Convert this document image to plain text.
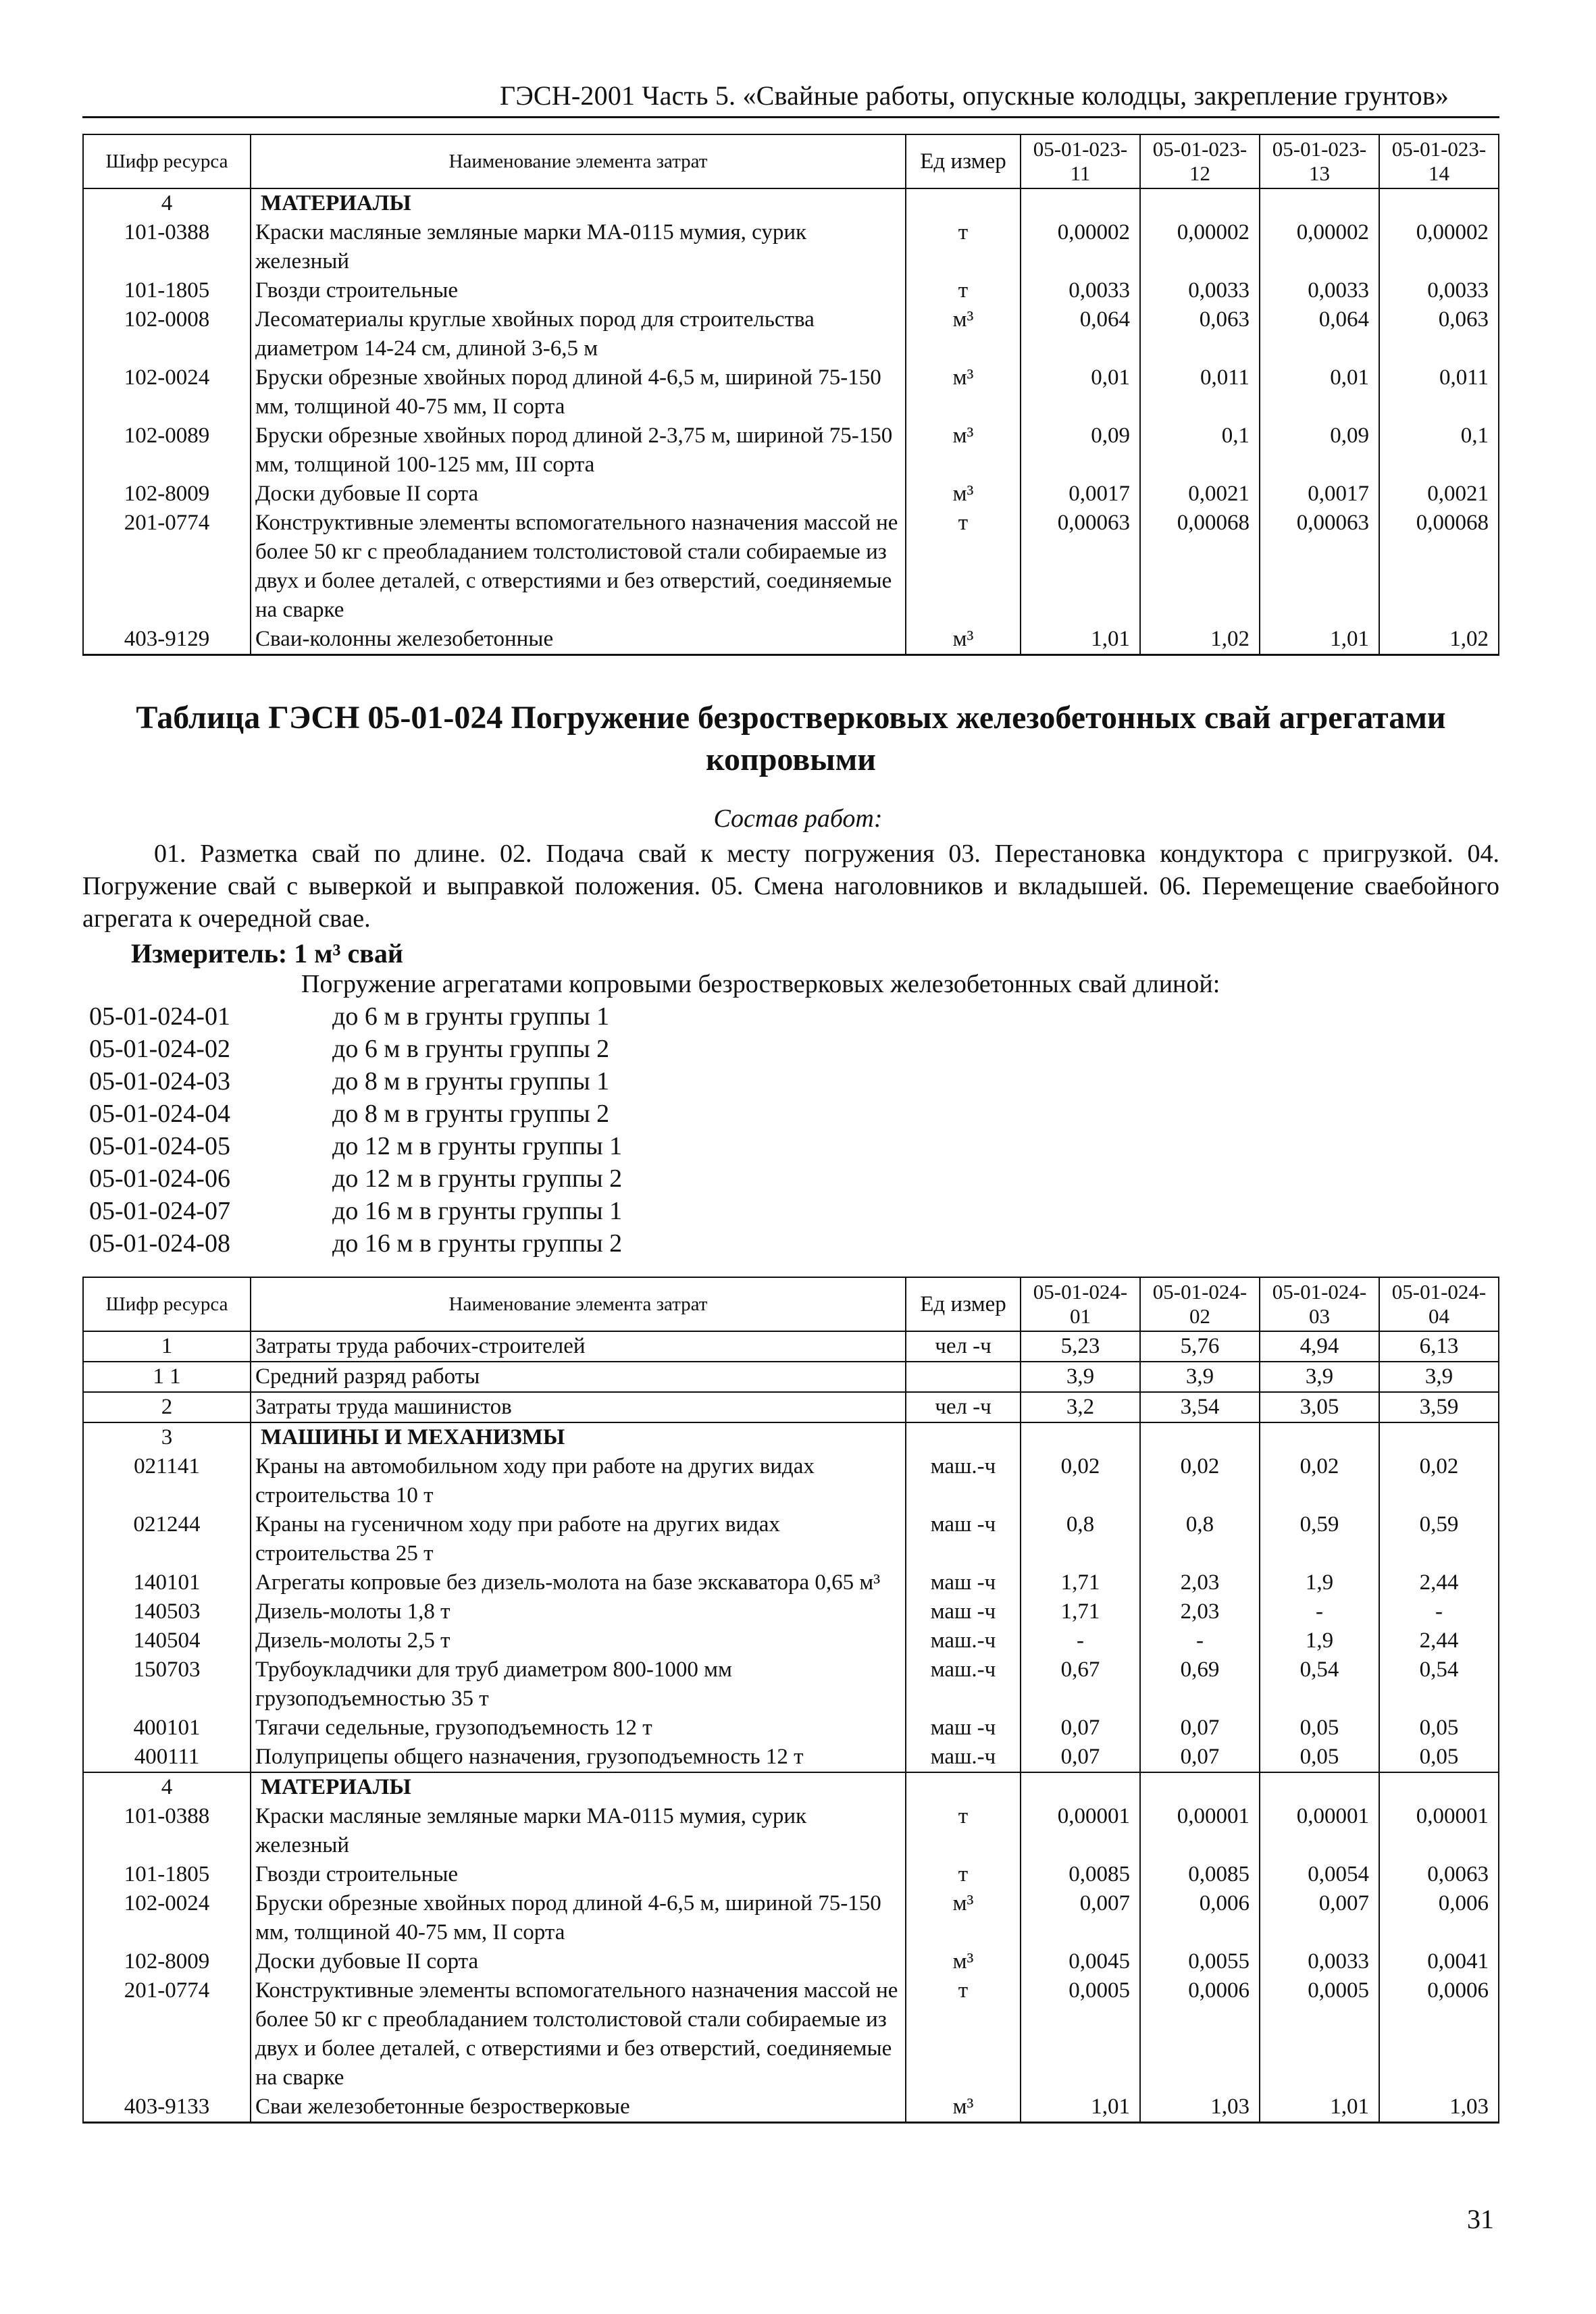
ГЭСН-2001 Часть 5. «Свайные работы, опускные колодцы, закрепление грунтов»
Шифр ресурса	Наименование элемента затрат	Ед измер	05-01-023-11	05-01-023-12	05-01-023-13	05-01-023-14
4	МАТЕРИАЛЫ					
101-0388	Краски масляные земляные марки МА-0115 мумия, сурик железный	т	0,00002	0,00002	0,00002	0,00002
101-1805	Гвозди строительные	т	0,0033	0,0033	0,0033	0,0033
102-0008	Лесоматериалы круглые хвойных пород для строительства диаметром 14-24 см, длиной 3-6,5 м	м³	0,064	0,063	0,064	0,063
102-0024	Бруски обрезные хвойных пород длиной 4-6,5 м, шириной 75-150 мм, толщиной 40-75 мм, II сорта	м³	0,01	0,011	0,01	0,011
102-0089	Бруски обрезные хвойных пород длиной 2-3,75 м, шириной 75-150 мм, толщиной 100-125 мм, III сорта	м³	0,09	0,1	0,09	0,1
102-8009	Доски дубовые II сорта	м³	0,0017	0,0021	0,0017	0,0021
201-0774	Конструктивные элементы вспомогательного назначения массой не более 50 кг с преобладанием толстолистовой стали собираемые из двух и более деталей, с отверстиями и без отверстий, соединяемые на сварке	т	0,00063	0,00068	0,00063	0,00068
403-9129	Сваи-колонны железобетонные	м³	1,01	1,02	1,01	1,02
Таблица ГЭСН 05-01-024 Погружение безростверковых железобетонных свай агрегатами копровыми
Состав работ:
01. Разметка свай по длине. 02. Подача свай к месту погружения 03. Перестановка кондуктора с пригрузкой. 04. Погружение свай с выверкой и выправкой положения. 05. Смена наголовников и вкладышей. 06. Перемещение сваебойного агрегата к очередной свае.
Измеритель: 1 м³ свай
Погружение агрегатами копровыми безростверковых железобетонных свай длиной:
05-01-024-01	до 6 м в грунты группы 1
05-01-024-02	до 6 м в грунты группы 2
05-01-024-03	до 8 м в грунты группы 1
05-01-024-04	до 8 м в грунты группы 2
05-01-024-05	до 12 м в грунты группы 1
05-01-024-06	до 12 м в грунты группы 2
05-01-024-07	до 16 м в грунты группы 1
05-01-024-08	до 16 м в грунты группы 2
Шифр ресурса	Наименование элемента затрат	Ед измер	05-01-024-01	05-01-024-02	05-01-024-03	05-01-024-04
1	Затраты труда рабочих-строителей	чел -ч	5,23	5,76	4,94	6,13
1 1	Средний разряд работы		3,9	3,9	3,9	3,9
2	Затраты труда машинистов	чел -ч	3,2	3,54	3,05	3,59
3	МАШИНЫ И МЕХАНИЗМЫ					
021141	Краны на автомобильном ходу при работе на других видах строительства 10 т	маш.-ч	0,02	0,02	0,02	0,02
021244	Краны на гусеничном ходу при работе на других видах строительства 25 т	маш -ч	0,8	0,8	0,59	0,59
140101	Агрегаты копровые без дизель-молота на базе экскаватора 0,65 м³	маш -ч	1,71	2,03	1,9	2,44
140503	Дизель-молоты 1,8 т	маш -ч	1,71	2,03	-	-
140504	Дизель-молоты 2,5 т	маш.-ч	-	-	1,9	2,44
150703	Трубоукладчики для труб диаметром 800-1000 мм грузоподъемностью 35 т	маш.-ч	0,67	0,69	0,54	0,54
400101	Тягачи седельные, грузоподъемность 12 т	маш -ч	0,07	0,07	0,05	0,05
400111	Полуприцепы общего назначения, грузоподъемность 12 т	маш.-ч	0,07	0,07	0,05	0,05
4	МАТЕРИАЛЫ					
101-0388	Краски масляные земляные марки МА-0115 мумия, сурик железный	т	0,00001	0,00001	0,00001	0,00001
101-1805	Гвозди строительные	т	0,0085	0,0085	0,0054	0,0063
102-0024	Бруски обрезные хвойных пород длиной 4-6,5 м, шириной 75-150 мм, толщиной 40-75 мм, II сорта	м³	0,007	0,006	0,007	0,006
102-8009	Доски дубовые II сорта	м³	0,0045	0,0055	0,0033	0,0041
201-0774	Конструктивные элементы вспомогательного назначения массой не более 50 кг с преобладанием толстолистовой стали собираемые из двух и более деталей, с отверстиями и без отверстий, соединяемые на сварке	т	0,0005	0,0006	0,0005	0,0006
403-9133	Сваи железобетонные безростверковые	м³	1,01	1,03	1,01	1,03
31
